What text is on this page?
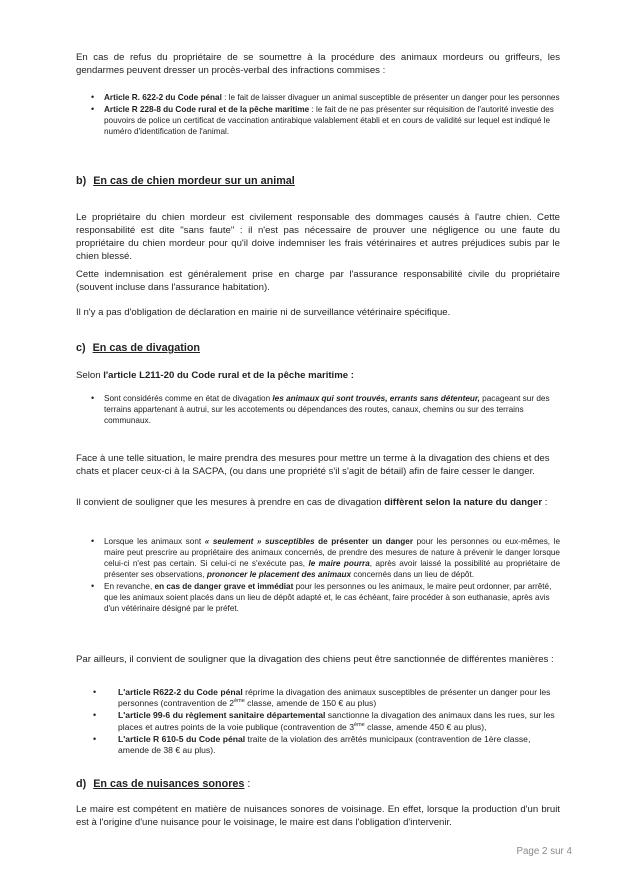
En cas de refus du propriétaire de se soumettre à la procédure des animaux mordeurs ou griffeurs, les gendarmes peuvent dresser un procès-verbal des infractions commises :

• Article R. 622-2 du Code pénal : le fait de laisser divaguer un animal susceptible de présenter un danger pour les personnes
• Article R 228-8 du Code rural et de la pêche maritime : le fait de ne pas présenter sur réquisition de l'autorité investie des pouvoirs de police un certificat de vaccination antirabique valablement établi et en cours de validité sur lequel est indiqué le numéro d'identification de l'animal.
b) En cas de chien mordeur sur un animal

Le propriétaire du chien mordeur est civilement responsable des dommages causés à l'autre chien. Cette responsabilité est dite "sans faute" : il n'est pas nécessaire de prouver une négligence ou une faute du propriétaire du chien mordeur pour qu'il doive indemniser les frais vétérinaires et autres préjudices subis par le chien blessé.

Cette indemnisation est généralement prise en charge par l'assurance responsabilité civile du propriétaire (souvent incluse dans l'assurance habitation).

Il n'y a pas d'obligation de déclaration en mairie ni de surveillance vétérinaire spécifique.

c) En cas de divagation

Selon l'article L211-20 du Code rural et de la pêche maritime :

• Sont considérés comme en état de divagation les animaux qui sont trouvés, errants sans détenteur, pacageant sur des terrains appartenant à autrui, sur les accotements ou dépendances des routes, canaux, chemins ou sur des terrains communaux.

Face à une telle situation, le maire prendra des mesures pour mettre un terme à la divagation des chiens et des chats et placer ceux-ci à la SACPA, (ou dans une propriété s'il s'agit de bétail) afin de faire cesser le danger.

Il convient de souligner que les mesures à prendre en cas de divagation diffèrent selon la nature du danger :

• Lorsque les animaux sont « seulement » susceptibles de présenter un danger pour les personnes ou eux-mêmes, le maire peut prescrire au propriétaire des animaux concernés, de prendre des mesures de nature à prévenir le danger lorsque celui-ci n'est pas certain. Si celui-ci ne s'exécute pas, le maire pourra, après avoir laissé la possibilité au propriétaire de présenter ses observations, prononcer le placement des animaux concernés dans un lieu de dépôt.
• En revanche, en cas de danger grave et immédiat pour les personnes ou les animaux, le maire peut ordonner, par arrêté, que les animaux soient placés dans un lieu de dépôt adapté et, le cas échéant, faire procéder à son euthanasie, après avis d'un vétérinaire désigné par le préfet.

Par ailleurs, il convient de souligner que la divagation des chiens peut être sanctionnée de différentes manières :

•	L'article R622-2 du Code pénal réprime la divagation des animaux susceptibles de présenter un danger pour les personnes (contravention de 2ème classe, amende de 150 € au plus)
•	L'article 99-6 du règlement sanitaire départemental sanctionne la divagation des animaux dans les rues, sur les places et autres points de la voie publique (contravention de 3ème classe, amende 450 € au plus),
•	L'article R 610-5 du Code pénal traite de la violation des arrêtés municipaux (contravention de 1ère classe, amende de 38 € au plus).
d) En cas de nuisances sonores :

Le maire est compétent en matière de nuisances sonores de voisinage. En effet, lorsque la production d'un bruit est à l'origine d'une nuisance pour le voisinage, le maire est dans l'obligation d'intervenir.

Page 2 sur 4
